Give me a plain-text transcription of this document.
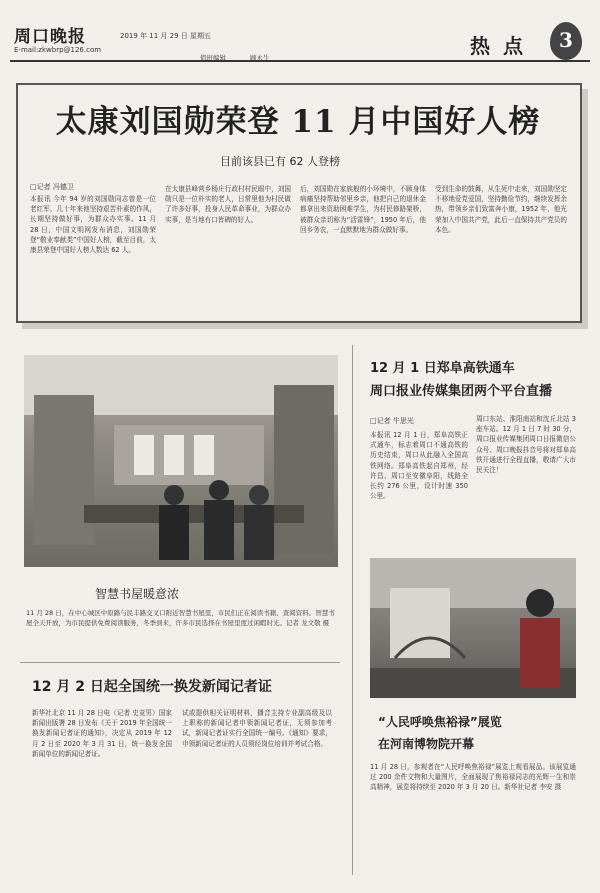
周口晚报
E-mail:zkwbrp@126.com
2019 年 11 月 29 日 星期五
值班编辑	顾永生	热 点	3
太康刘国勋荣登 11 月中国好人榜
目前该县已有 62 人登榜
□记者 冯德卫
本报讯 今年 94 岁的刘国勋同志曾是一位老红军，几十年来他坚持艰苦朴素的作风，长期坚持做好事，为群众办实事。11 月 28 日，中国文明网发布消息，刘国勋荣登“敬业奉献类”中国好人榜，截至目前，太康县荣登中国好人榜人数达 62 人。
在太康县峰营乡杨庄行政村村民眼中，刘国勋只是一位朴实的老人，日常里他为村民做了许多好事，投身人民革命事业，为群众办实事，是当地有口皆碑的好人。
后，刘国勋在家族般的小环境中，不顾身体病痛坚持帮助邻里乡亲，他把自己的退休金都拿出来资助困难学生，为村民修路架桥，被群众亲切称为“活雷锋”，1950 年后，他回乡务农，一直默默地为群众做好事。
受到生命的鼓舞，从生死中走来，刘国勋坚定不移地爱党爱国，坚持勤俭节约，继续发挥余热，带领乡亲们致富奔小康，1952 年，他光荣加入中国共产党，此后一直保持共产党员的本色。
智慧书屋暖意浓
11 月 28 日，在中心城区中原路与民丰路交叉口附近智慧书屋里，市民们正在阅读书籍、查阅资料。智慧书屋全天开放，为市民提供免费阅读服务，冬季到来，许多市民选择在书屋里度过闲暇时光。记者 龙文敬 摄
12 月 1 日郑阜高铁通车
周口报业传媒集团两个平台直播
□记者 牛思光
本报讯 12 月 1 日，郑阜高铁正式通车，标志着周口不通高铁的历史结束，周口从此融入全国高铁网络。郑阜高铁起自郑州，经许昌、周口至安徽阜阳，线路全长约 276 公里，设计时速 350 公里。
周口东站、淮阳南站和沈丘北站 3 座车站。12 月 1 日 7 时 30 分，周口报业传媒集团周口日报微信公众号、周口晚报抖音号将对郑阜高铁开通进行全程直播，敬请广大市民关注！
“人民呼唤焦裕禄”展览
在河南博物院开幕
11 月 28 日，参观者在“人民呼唤焦裕禄”展览上观看展品。该展览通过 200 余件文物和大量图片，全面展现了焦裕禄同志的光辉一生和崇高精神，展览将持续至 2020 年 3 月 20 日。新华社记者 李安 摄
12 月 2 日起全国统一换发新闻记者证
新华社北京 11 月 28 日电（记者 史竞男）国家新闻出版署 28 日发布《关于 2019 年全国统一换发新闻记者证的通知》，决定从 2019 年 12 月 2 日至 2020 年 3 月 31 日，统一换发全国新闻单位的新闻记者证。
试或提供相关证明材料，播音主持专业副高级及以上职称的新闻记者申领新闻记者证，无须参加考试，新闻记者证实行全国统一编号。《通知》要求，申领新闻记者证的人员须经岗位培训并考试合格。
